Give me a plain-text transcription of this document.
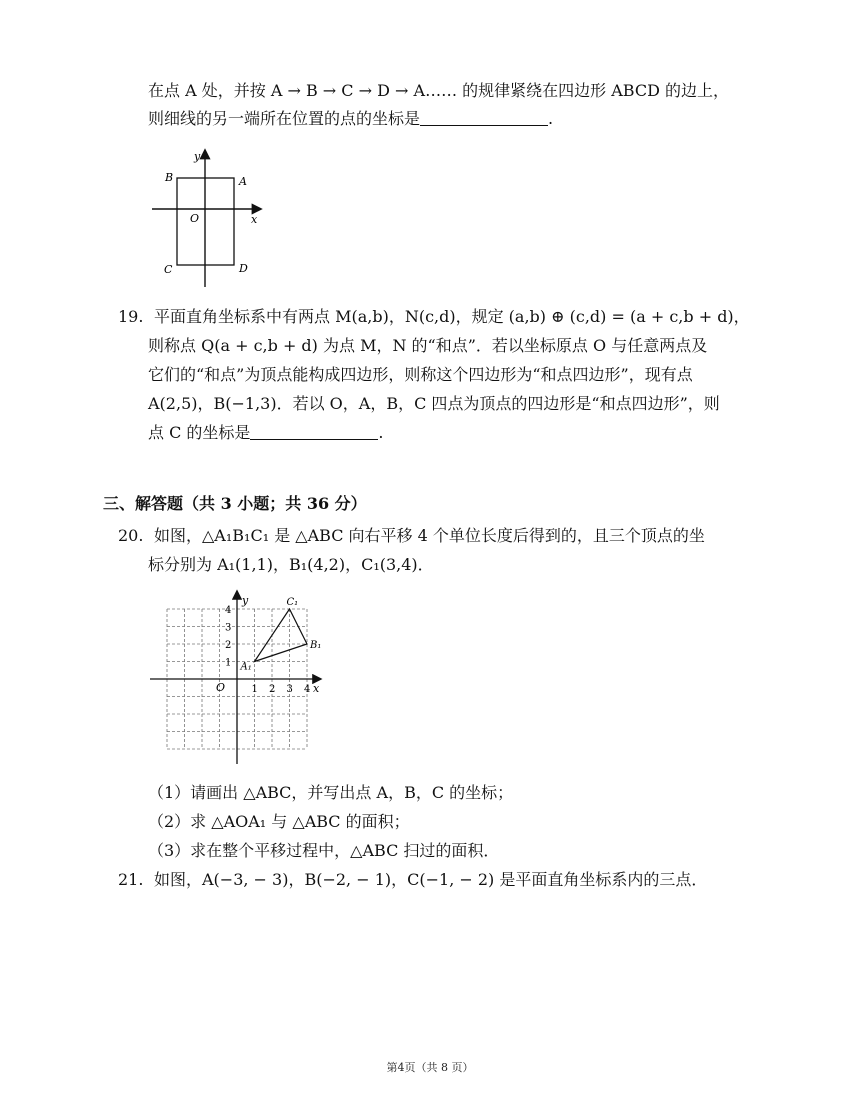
在点 A 处，并按 A → B → C → D → A…… 的规律紧绕在四边形 ABCD 的边上，
则细线的另一端所在位置的点的坐标是	.
y
x
O
A
B
C	D
19. 平面直角坐标系中有两点 M(a,b)，N(c,d)，规定 (a,b) ⊕ (c,d) = (a + c,b + d)，
则称点 Q(a + c,b + d) 为点 M，N 的“和点”．若以坐标原点 O 与任意两点及
它们的“和点”为顶点能构成四边形，则称这个四边形为“和点四边形”，现有点
A(2,5)，B(−1,3)．若以 O，A，B，C 四点为顶点的四边形是“和点四边形”，则
点 C 的坐标是	.
三、解答题（共 3 小题；共 36 分）
20. 如图，△A₁B₁C₁ 是 △ABC 向右平移 4 个单位长度后得到的，且三个顶点的坐
标分别为 A₁(1,1)，B₁(4,2)，C₁(3,4)．
1 2 3 4
1
2
3
4
y
x
O
A₁
B₁
C₁
（1）请画出 △ABC，并写出点 A，B，C 的坐标；
（2）求 △AOA₁ 与 △ABC 的面积；
（3）求在整个平移过程中，△ABC 扫过的面积．
21. 如图，A(−3, − 3)，B(−2, − 1)，C(−1, − 2) 是平面直角坐标系内的三点．
第4页（共 8 页）
